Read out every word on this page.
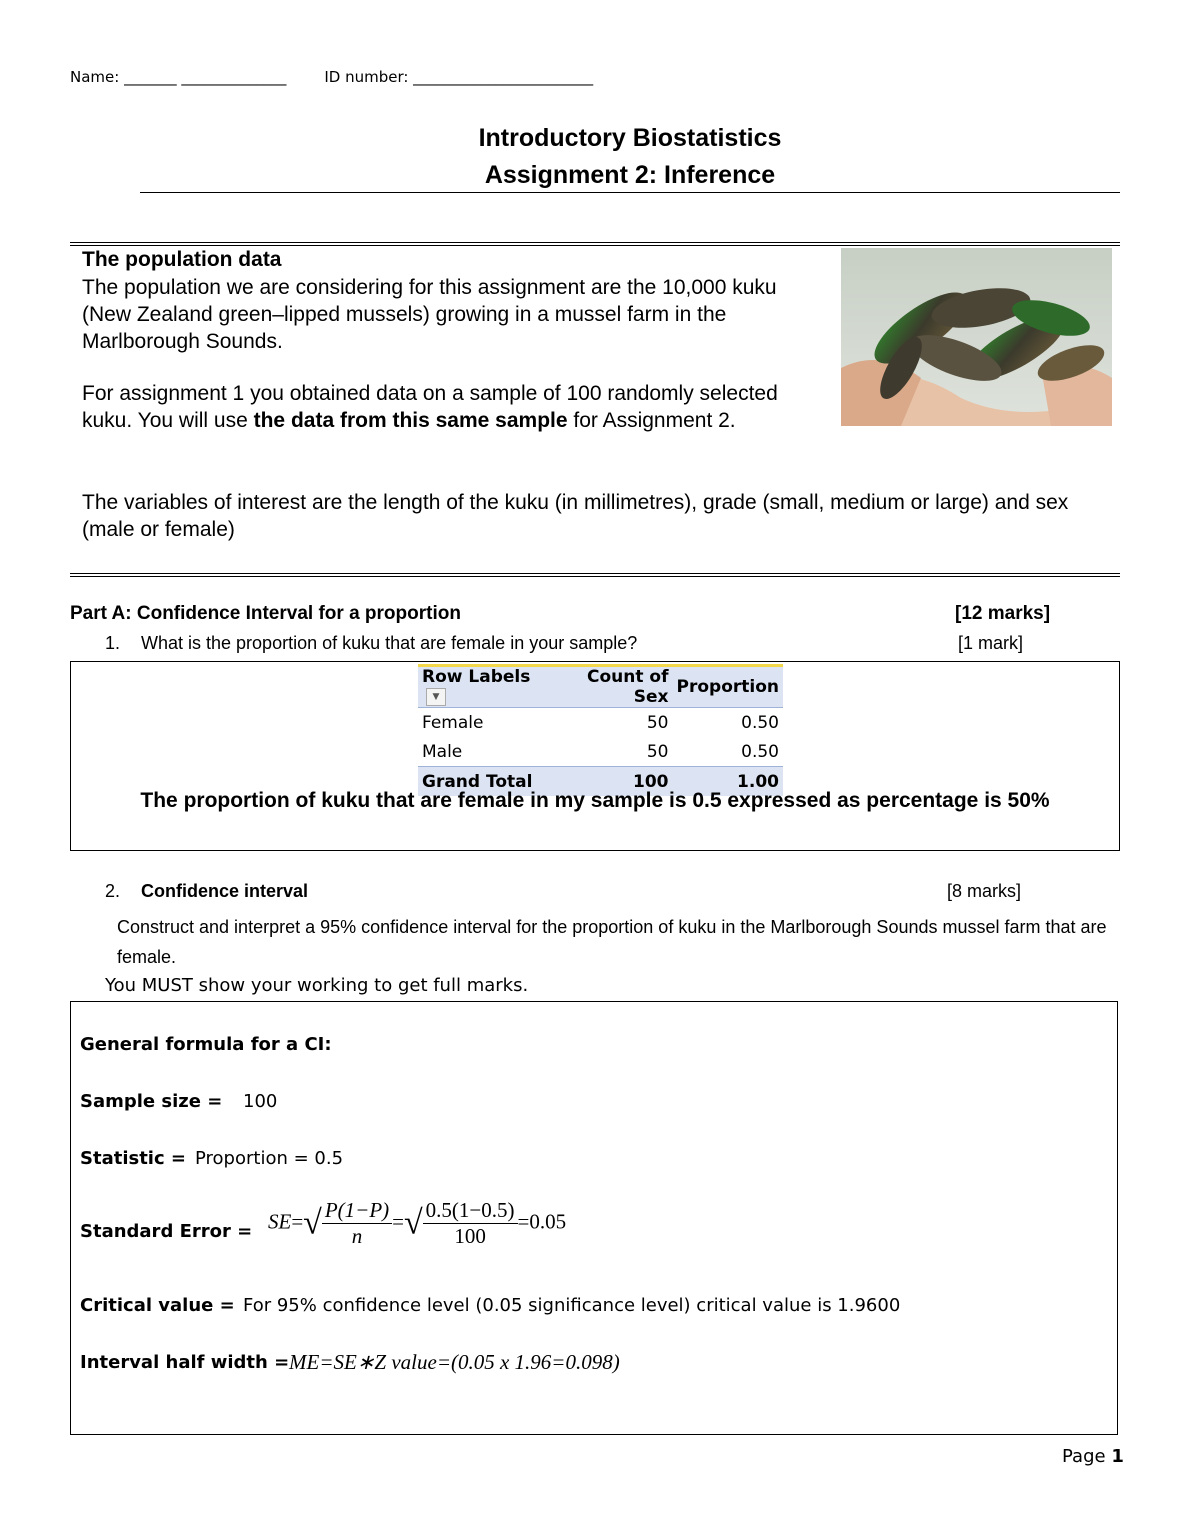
Name: _______ ______________	ID number: ________________________
Introductory Biostatistics
Assignment 2: Inference
The population data
The population we are considering for this assignment are the 10,000 kuku (New Zealand green–lipped mussels) growing in a mussel farm in the Marlborough Sounds.
For assignment 1 you obtained data on a sample of 100 randomly selected kuku. You will use the data from this same sample for Assignment 2.
The variables of interest are the length of the kuku (in millimetres), grade (small, medium or large) and sex (male or female)
Part A: Confidence Interval for a proportion	[12 marks]
1. What is the proportion of kuku that are female in your sample?	[1 mark]
Row Labels▼	Count of Sex	Proportion
Female	50	0.50
Male	50	0.50
Grand Total	100	1.00
The proportion of kuku that are female in my sample is 0.5 expressed as percentage is 50%
2. Confidence interval	[8 marks]
Construct and interpret a 95% confidence interval for the proportion of kuku in the Marlborough Sounds mussel farm that are female.
You MUST show your working to get full marks.
General formula for a CI:
Sample size = 100
Statistic = Proportion = 0.5
Standard Error = $SE=√ \frac{P(1-P)}{n}$ =√ $\frac{0.5(1-0.5)}{100} =0.05$
Critical value = For 95% confidence level (0.05 significance level) critical value is 1.9600
Interval half width = ME=SE∗Z value=(0.05 x 1.96=0.098)
Page 1
